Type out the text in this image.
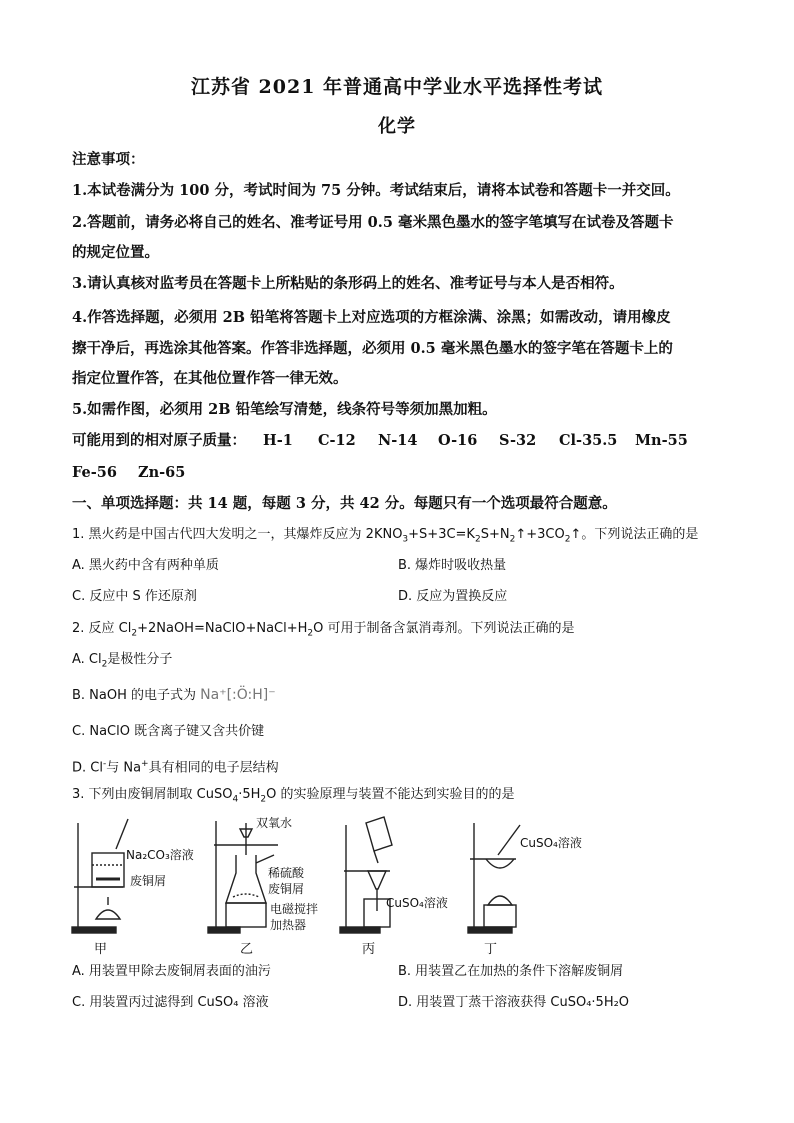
江苏省 2021 年普通高中学业水平选择性考试
化学
注意事项：
1.本试卷满分为 100 分，考试时间为 75 分钟。考试结束后，请将本试卷和答题卡一并交回。
2.答题前，请务必将自己的姓名、准考证号用 0.5 毫米黑色墨水的签字笔填写在试卷及答题卡
的规定位置。
3.请认真核对监考员在答题卡上所粘贴的条形码上的姓名、准考证号与本人是否相符。
4.作答选择题，必须用 2B 铅笔将答题卡上对应选项的方框涂满、涂黑；如需改动，请用橡皮
擦干净后，再选涂其他答案。作答非选择题，必须用 0.5 毫米黑色墨水的签字笔在答题卡上的
指定位置作答，在其他位置作答一律无效。
5.如需作图，必须用 2B 铅笔绘写清楚，线条符号等须加黑加粗。
可能用到的相对原子质量： H-1 C-12 N-14 O-16 S-32 Cl-35.5 Mn-55
Fe-56 Zn-65
一、单项选择题：共 14 题，每题 3 分，共 42 分。每题只有一个选项最符合题意。
1. 黑火药是中国古代四大发明之一，其爆炸反应为 $2KNO_3+S+3C=K_2S+N_2↑+3CO_2↑$。下列说法正确的是
A. 黑火药中含有两种单质	B. 爆炸时吸收热量
C. 反应中 S 作还原剂	D. 反应为置换反应
2. 反应 $Cl_2+2NaOH=NaClO+NaCl+H_2O$ 可用于制备含氯消毒剂。下列说法正确的是
A. $Cl_2$是极性分子
B. NaOH 的电子式为 Na⁺[:Ö:H]⁻
C. NaClO 既含离子键又含共价键
D. Cl-与 Na+具有相同的电子层结构
3. 下列由废铜屑制取 $CuSO_4\cdot 5H_2O$ 的实验原理与装置不能达到实验目的的是
Na₂CO₃溶液
废铜屑
双氧水
稀硫酸
废铜屑
电磁搅拌
加热器
CuSO₄溶液
CuSO₄溶液
甲	乙	丙	丁
A. 用装置甲除去废铜屑表面的油污	B. 用装置乙在加热的条件下溶解废铜屑
C. 用装置丙过滤得到 CuSO₄ 溶液	D. 用装置丁蒸干溶液获得 CuSO₄·5H₂O
